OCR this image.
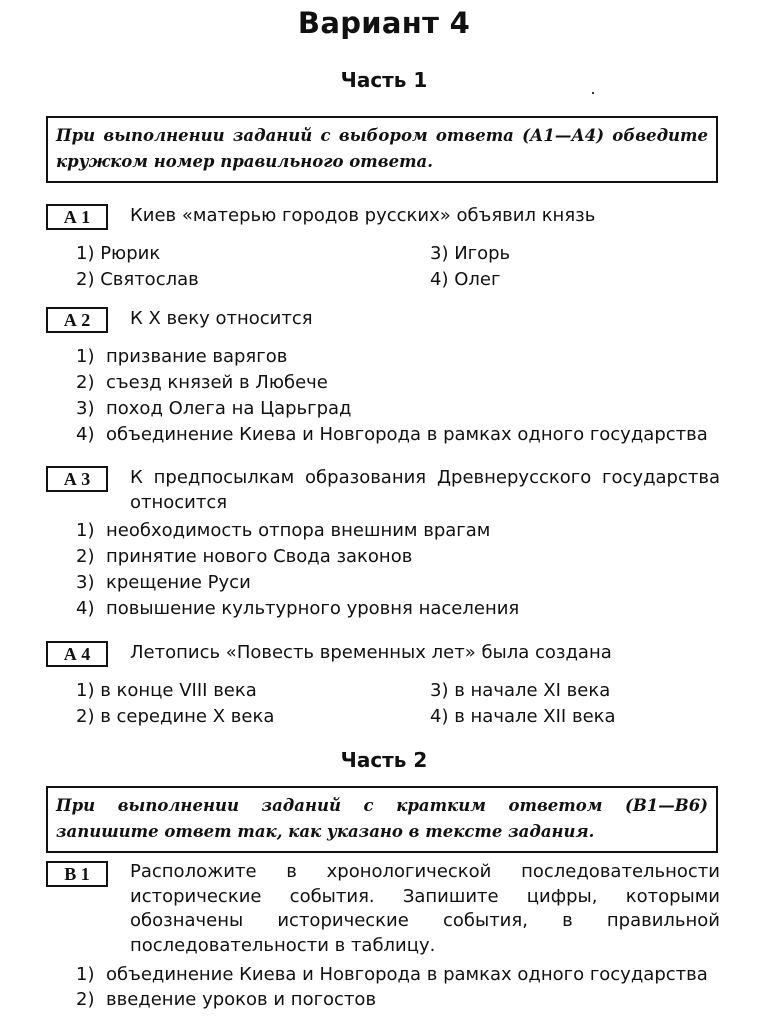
Вариант 4
Часть 1
При выполнении заданий с выбором ответа (А1—А4) обведите кружком номер правильного ответа.
А 1	Киев «матерью городов русских» объявил князь
1) Рюрик
2) Святослав
3) Игорь
4) Олег
А 2	К X веку относится
1) призвание варягов
2) съезд князей в Любече
3) поход Олега на Царьград
4) объединение Киева и Новгорода в рамках одного государства
А 3	К предпосылкам образования Древнерусского государства относится
1) необходимость отпора внешним врагам
2) принятие нового Свода законов
3) крещение Руси
4) повышение культурного уровня населения
А 4	Летопись «Повесть временных лет» была создана
1) в конце VIII века
2) в середине X века
3) в начале XI века
4) в начале XII века
Часть 2
При выполнении заданий с кратким ответом (В1—В6) запишите ответ так, как указано в тексте задания.
В 1	Расположите в хронологической последовательности исторические события. Запишите цифры, которыми обозначены исторические события, в правильной последовательности в таблицу.
1) объединение Киева и Новгорода в рамках одного государства
2) введение уроков и погостов
